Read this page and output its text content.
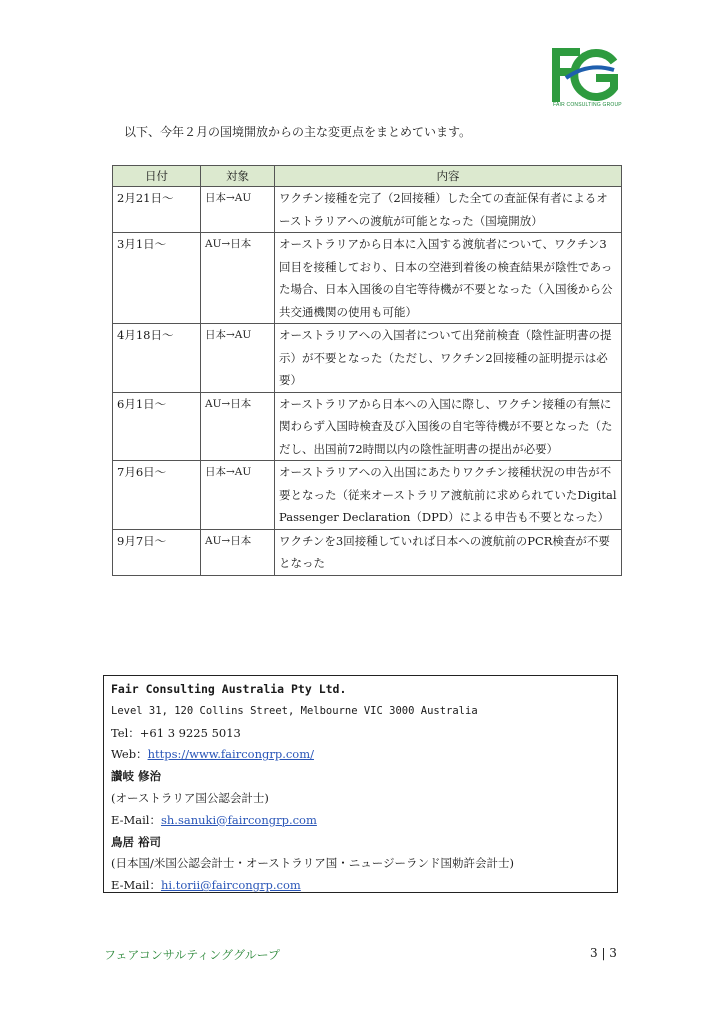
FAIR CONSULTING GROUP
以下、今年２月の国境開放からの主な変更点をまとめています。
日付	対象	内容
2月21日～	日本→AU	ワクチン接種を完了（2回接種）した全ての査証保有者によるオーストラリアへの渡航が可能となった（国境開放）
3月1日～	AU→日本	オーストラリアから日本に入国する渡航者について、ワクチン3回目を接種しており、日本の空港到着後の検査結果が陰性であった場合、日本入国後の自宅等待機が不要となった（入国後から公共交通機関の使用も可能）
4月18日～	日本→AU	オーストラリアへの入国者について出発前検査（陰性証明書の提示）が不要となった（ただし、ワクチン2回接種の証明提示は必要）
6月1日～	AU→日本	オーストラリアから日本への入国に際し、ワクチン接種の有無に関わらず入国時検査及び入国後の自宅等待機が不要となった（ただし、出国前72時間以内の陰性証明書の提出が必要）
7月6日～	日本→AU	オーストラリアへの入出国にあたりワクチン接種状況の申告が不要となった（従来オーストラリア渡航前に求められていたDigital Passenger Declaration（DPD）による申告も不要となった）
9月7日～	AU→日本	ワクチンを3回接種していれば日本への渡航前のPCR検査が不要となった
Fair Consulting Australia Pty Ltd.
Level 31, 120 Collins Street, Melbourne VIC 3000 Australia
Tel：+61 3 9225 5013
Web：https://www.faircongrp.com/
讃岐 修治
(オーストラリア国公認会計士)
E-Mail：sh.sanuki@faircongrp.com
鳥居 裕司
(日本国/米国公認会計士・オーストラリア国・ニュージーランド国勅許会計士)
E-Mail：hi.torii@faircongrp.com
フェアコンサルティンググループ	3 | 3
